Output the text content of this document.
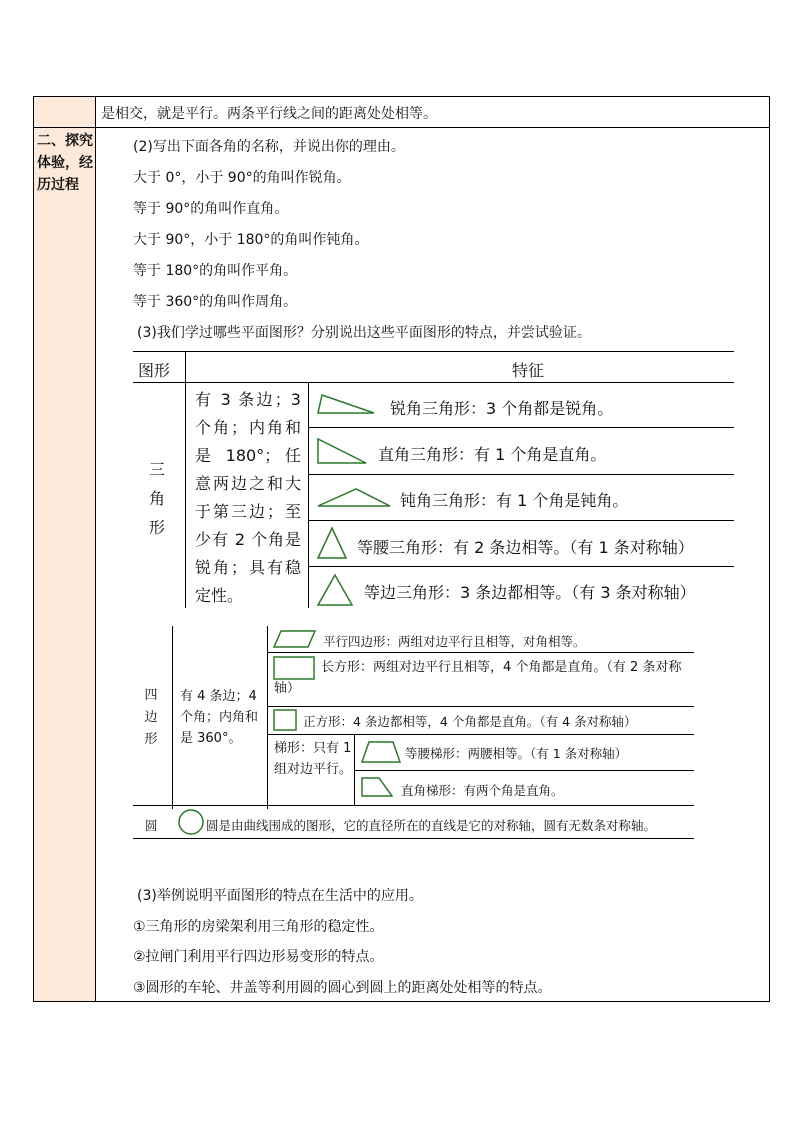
是相交，就是平行。两条平行线之间的距离处处相等。
二、探究体验，经历过程
(2)写出下面各角的名称，并说出你的理由。
大于 0°，小于 90°的角叫作锐角。
等于 90°的角叫作直角。
大于 90°，小于 180°的角叫作钝角。
等于 180°的角叫作平角。
等于 360°的角叫作周角。
(3)我们学过哪些平面图形？分别说出这些平面图形的特点，并尝试验证。
图形	特征
三角形
有 3 条边；3 个角；内角和是 180°；任意两边之和大于第三边；至少有 2 个角是锐角；具有稳定性。
锐角三角形：3 个角都是锐角。
直角三角形：有 1 个角是直角。
钝角三角形：有 1 个角是钝角。
等腰三角形：有 2 条边相等。（有 1 条对称轴）
等边三角形：3 条边都相等。（有 3 条对称轴）
四边形
有 4 条边；4 个角；内角和是 360°。
平行四边形：两组对边平行且相等，对角相等。
长方形：两组对边平行且相等，4 个角都是直角。（有 2 条对称轴）
正方形：4 条边都相等，4 个角都是直角。（有 4 条对称轴）
梯形：只有 1 组对边平行。
等腰梯形：两腰相等。（有 1 条对称轴）
直角梯形：有两个角是直角。
圆	圆是由曲线围成的图形，它的直径所在的直线是它的对称轴，圆有无数条对称轴。
(3)举例说明平面图形的特点在生活中的应用。
①三角形的房梁架利用三角形的稳定性。
②拉闸门利用平行四边形易变形的特点。
③圆形的车轮、井盖等利用圆的圆心到圆上的距离处处相等的特点。
